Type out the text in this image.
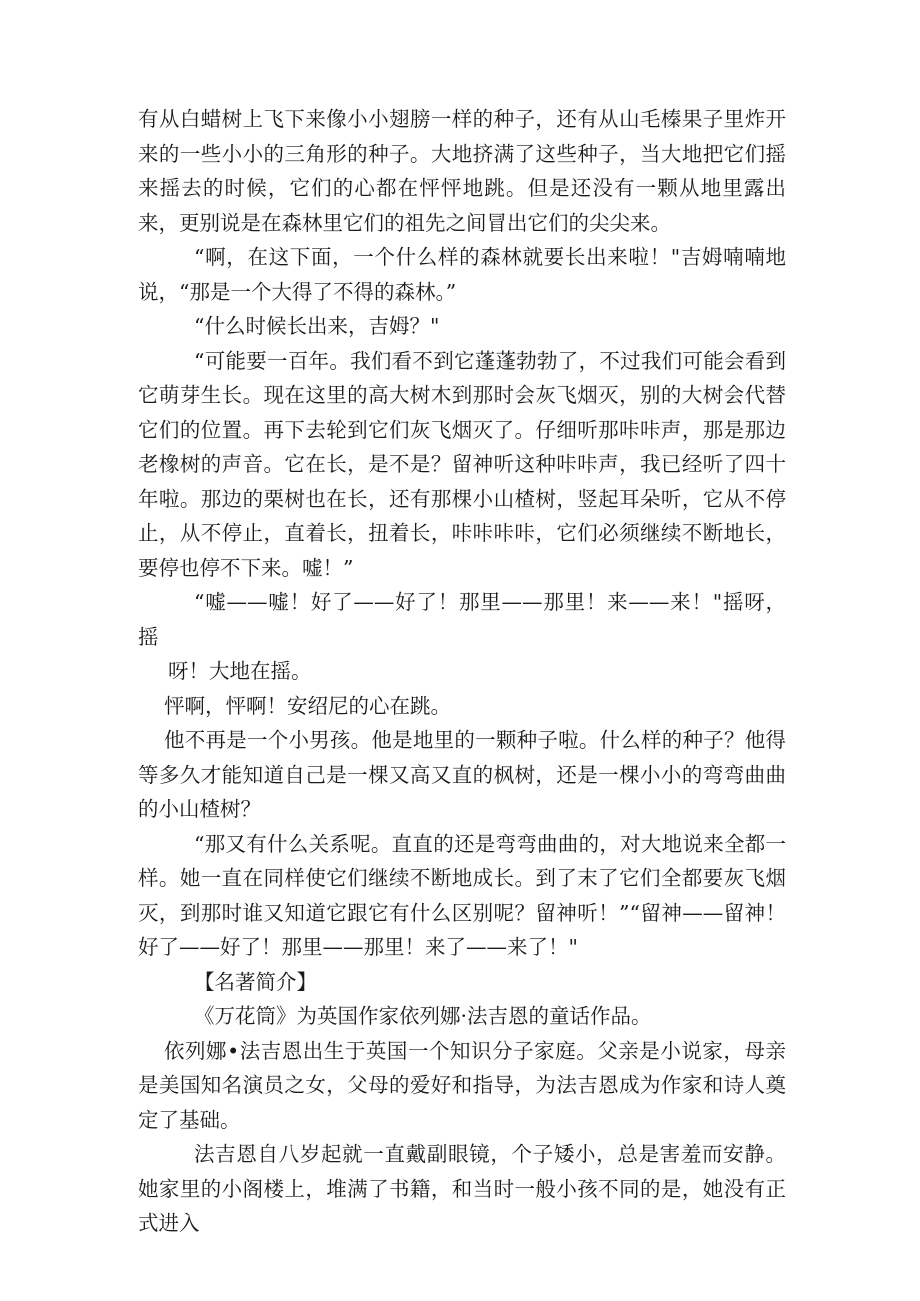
有从白蜡树上飞下来像小小翅膀一样的种子，还有从山毛榛果子里炸开来的一些小小的三角形的种子。大地挤满了这些种子，当大地把它们摇来摇去的时候，它们的心都在怦怦地跳。但是还没有一颗从地里露出来，更别说是在森林里它们的祖先之间冒出它们的尖尖来。

“啊，在这下面，一个什么样的森林就要长出来啦！"吉姆喃喃地说，“那是一个大得了不得的森林。”

“什么时候长出来，吉姆？"

“可能要一百年。我们看不到它蓬蓬勃勃了，不过我们可能会看到它萌芽生长。现在这里的高大树木到那时会灰飞烟灭，别的大树会代替它们的位置。再下去轮到它们灰飞烟灭了。仔细听那咔咔声，那是那边老橡树的声音。它在长，是不是？留神听这种咔咔声，我已经听了四十年啦。那边的栗树也在长，还有那棵小山楂树，竖起耳朵听，它从不停止，从不停止，直着长，扭着长，咔咔咔咔，它们必须继续不断地长，要停也停不下来。嘘！”

“嘘——嘘！好了——好了！那里——那里！来——来！"摇呀，摇

呀！大地在摇。

怦啊，怦啊！安绍尼的心在跳。

他不再是一个小男孩。他是地里的一颗种子啦。什么样的种子？他得等多久才能知道自己是一棵又高又直的枫树，还是一棵小小的弯弯曲曲的小山楂树？

“那又有什么关系呢。直直的还是弯弯曲曲的，对大地说来全都一样。她一直在同样使它们继续不断地成长。到了末了它们全都要灰飞烟灭，到那时谁又知道它跟它有什么区别呢？留神听！”“留神——留神！好了——好了！那里——那里！来了——来了！"

【名著简介】

《万花筒》为英国作家依列娜·法吉恩的童话作品。

依列娜•法吉恩出生于英国一个知识分子家庭。父亲是小说家，母亲是美国知名演员之女，父母的爱好和指导，为法吉恩成为作家和诗人奠定了基础。

法吉恩自八岁起就一直戴副眼镜，个子矮小，总是害羞而安静。她家里的小阁楼上，堆满了书籍，和当时一般小孩不同的是，她没有正式进入
